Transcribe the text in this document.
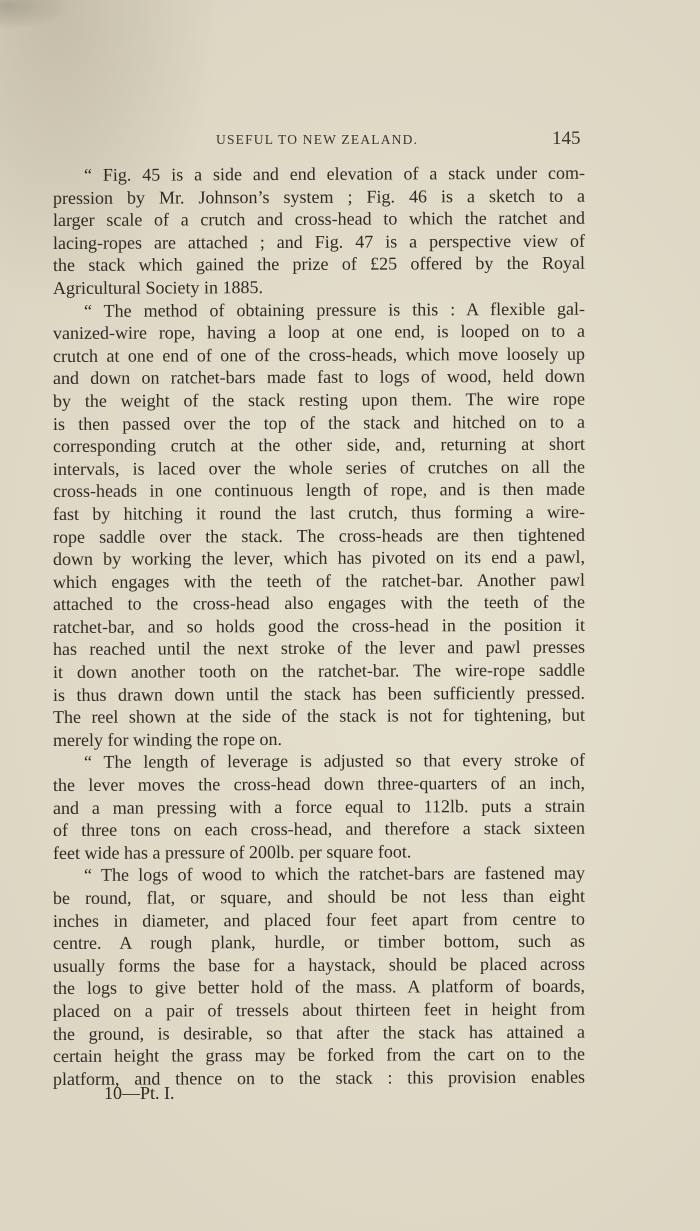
USEFUL TO NEW ZEALAND.	145
“ Fig. 45 is a side and end elevation of a stack under com-
pression by Mr. Johnson’s system ; Fig. 46 is a sketch to a
larger scale of a crutch and cross-head to which the ratchet and
lacing-ropes are attached ; and Fig. 47 is a perspective view of
the stack which gained the prize of £25 offered by the Royal
Agricultural Society in 1885.
“ The method of obtaining pressure is this : A flexible gal-
vanized-wire rope, having a loop at one end, is looped on to a
crutch at one end of one of the cross-heads, which move loosely up
and down on ratchet-bars made fast to logs of wood, held down
by the weight of the stack resting upon them. The wire rope
is then passed over the top of the stack and hitched on to a
corresponding crutch at the other side, and, returning at short
intervals, is laced over the whole series of crutches on all the
cross-heads in one continuous length of rope, and is then made
fast by hitching it round the last crutch, thus forming a wire-
rope saddle over the stack. The cross-heads are then tightened
down by working the lever, which has pivoted on its end a pawl,
which engages with the teeth of the ratchet-bar. Another pawl
attached to the cross-head also engages with the teeth of the
ratchet-bar, and so holds good the cross-head in the position it
has reached until the next stroke of the lever and pawl presses
it down another tooth on the ratchet-bar. The wire-rope saddle
is thus drawn down until the stack has been sufficiently pressed.
The reel shown at the side of the stack is not for tightening, but
merely for winding the rope on.
“ The length of leverage is adjusted so that every stroke of
the lever moves the cross-head down three-quarters of an inch,
and a man pressing with a force equal to 112lb. puts a strain
of three tons on each cross-head, and therefore a stack sixteen
feet wide has a pressure of 200lb. per square foot.
“ The logs of wood to which the ratchet-bars are fastened may
be round, flat, or square, and should be not less than eight
inches in diameter, and placed four feet apart from centre to
centre. A rough plank, hurdle, or timber bottom, such as
usually forms the base for a haystack, should be placed across
the logs to give better hold of the mass. A platform of boards,
placed on a pair of tressels about thirteen feet in height from
the ground, is desirable, so that after the stack has attained a
certain height the grass may be forked from the cart on to the
platform, and thence on to the stack : this provision enables
10—Pt. I.
